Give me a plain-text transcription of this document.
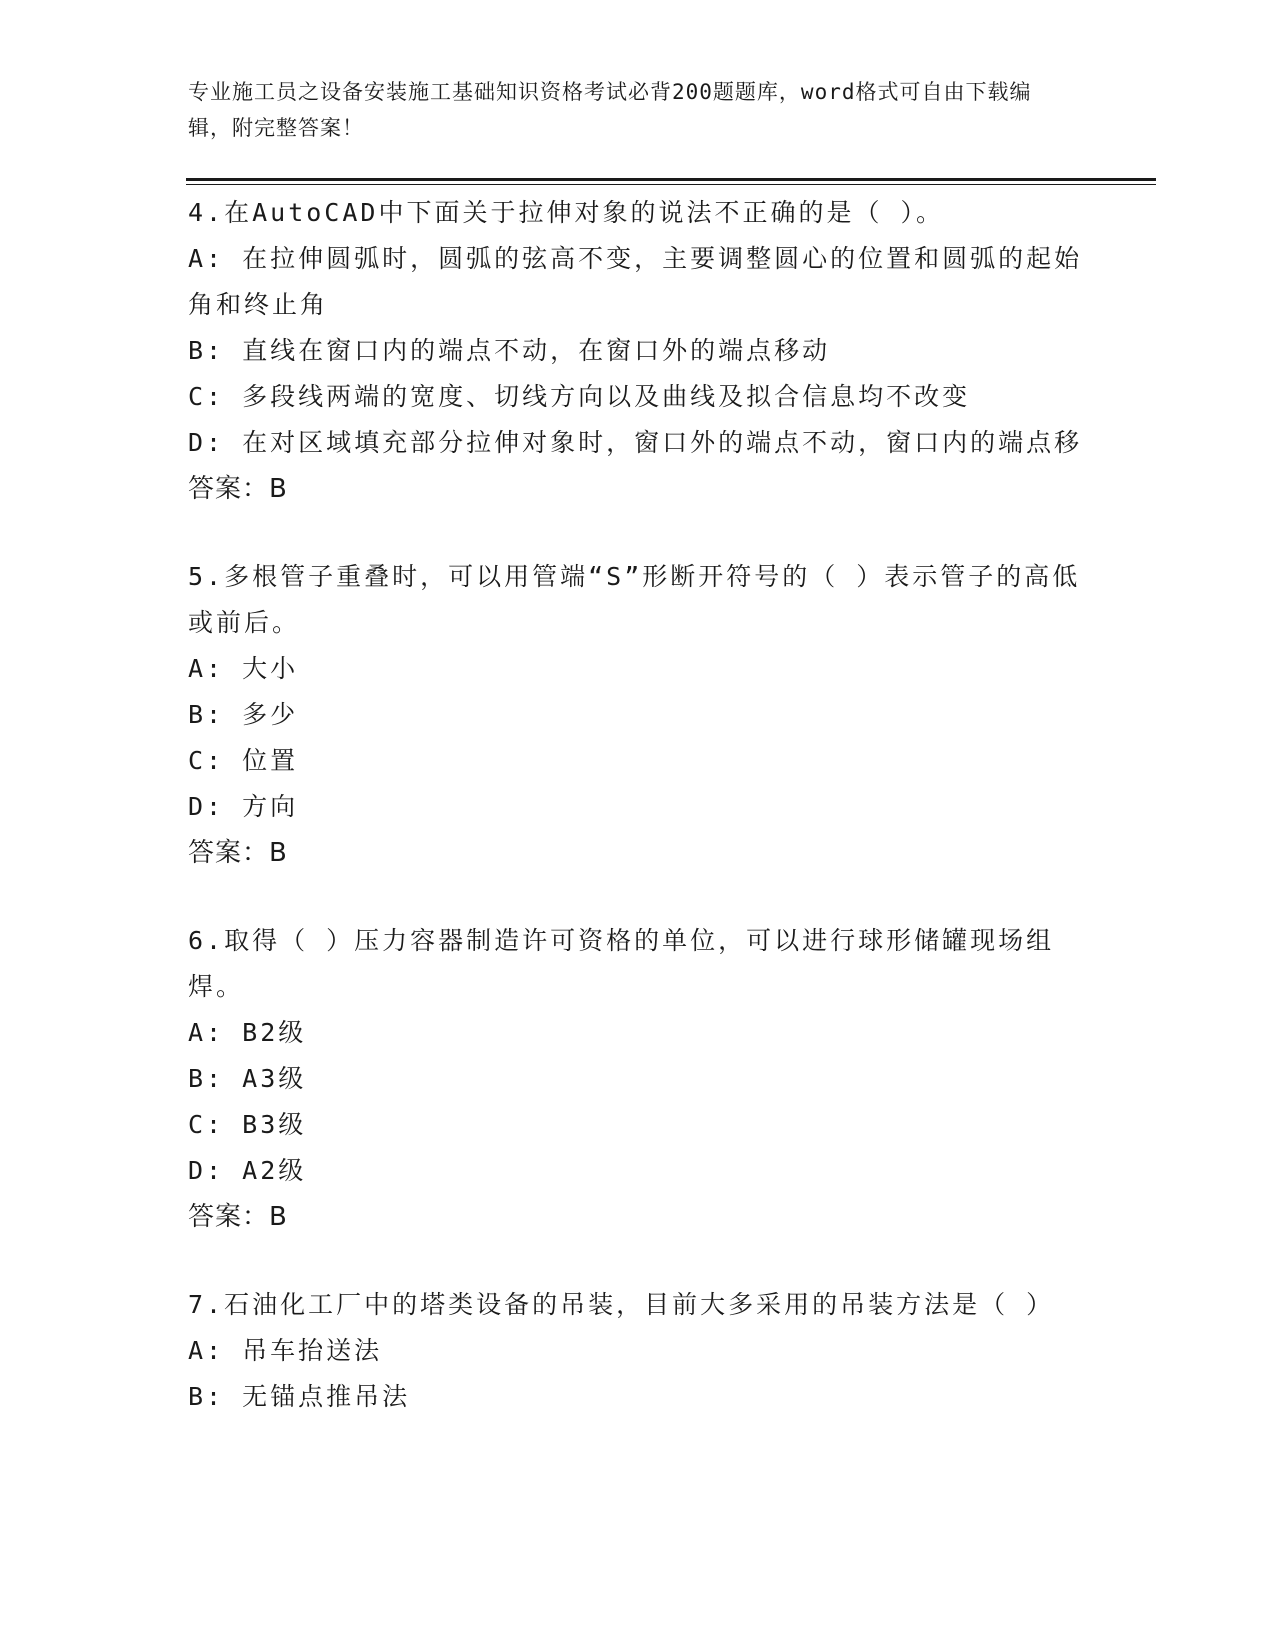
专业施工员之设备安装施工基础知识资格考试必背200题题库，word格式可自由下载编辑，附完整答案！
4.在AutoCAD中下面关于拉伸对象的说法不正确的是（ ）。
A: 在拉伸圆弧时，圆弧的弦高不变，主要调整圆心的位置和圆弧的起始角和终止角
B: 直线在窗口内的端点不动，在窗口外的端点移动
C: 多段线两端的宽度、切线方向以及曲线及拟合信息均不改变
D: 在对区域填充部分拉伸对象时，窗口外的端点不动，窗口内的端点移
答案：B
5.多根管子重叠时，可以用管端“S”形断开符号的（ ）表示管子的高低或前后。
A: 大小
B: 多少
C: 位置
D: 方向
答案：B
6.取得（ ）压力容器制造许可资格的单位，可以进行球形储罐现场组焊。
A: B2级
B: A3级
C: B3级
D: A2级
答案：B
7.石油化工厂中的塔类设备的吊装，目前大多采用的吊装方法是（ ）
A: 吊车抬送法
B: 无锚点推吊法
